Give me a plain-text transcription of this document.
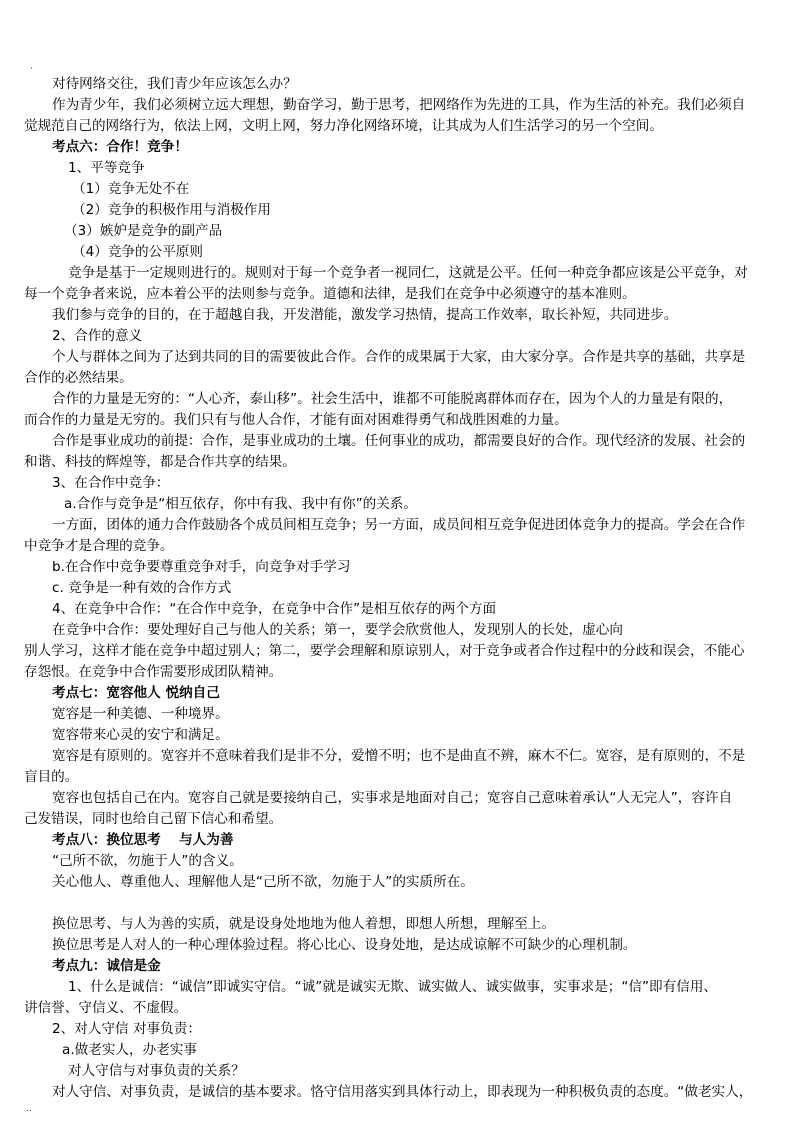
·
对待网络交往，我们青少年应该怎么办？
作为青少年，我们必须树立远大理想，勤奋学习，勤于思考，把网络作为先进的工具，作为生活的补充。我们必须自
觉规范自己的网络行为，依法上网，文明上网，努力净化网络环境，让其成为人们生活学习的另一个空间。
考点六：合作！竞争！
1、平等竞争
（1）竞争无处不在
（2）竞争的积极作用与消极作用
（3）嫉妒是竞争的副产品
（4）竞争的公平原则
竞争是基于一定规则进行的。规则对于每一个竞争者一视同仁，这就是公平。任何一种竞争都应该是公平竞争，对
每一个竞争者来说，应本着公平的法则参与竞争。道德和法律，是我们在竞争中必须遵守的基本准则。
我们参与竞争的目的，在于超越自我，开发潜能，激发学习热情，提高工作效率，取长补短，共同进步。
2、合作的意义
个人与群体之间为了达到共同的目的需要彼此合作。合作的成果属于大家，由大家分享。合作是共享的基础，共享是
合作的必然结果。
合作的力量是无穷的：“人心齐，泰山移”。社会生活中，谁都不可能脱离群体而存在，因为个人的力量是有限的，
而合作的力量是无穷的。我们只有与他人合作，才能有面对困难得勇气和战胜困难的力量。
合作是事业成功的前提：合作，是事业成功的土壤。任何事业的成功，都需要良好的合作。现代经济的发展、社会的
和谐、科技的辉煌等，都是合作共享的结果。
3、在合作中竞争：
a.合作与竞争是“相互依存，你中有我、我中有你”的关系。
一方面，团体的通力合作鼓励各个成员间相互竞争；另一方面，成员间相互竞争促进团体竞争力的提高。学会在合作
中竞争才是合理的竞争。
b.在合作中竞争要尊重竞争对手，向竞争对手学习
c. 竞争是一种有效的合作方式
4、在竞争中合作：“在合作中竞争，在竞争中合作”是相互依存的两个方面
在竞争中合作：要处理好自己与他人的关系；第一，要学会欣赏他人，发现别人的长处，虚心向
别人学习，这样才能在竞争中超过别人；第二，要学会理解和原谅别人，对于竞争或者合作过程中的分歧和误会，不能心
存怨恨。在竞争中合作需要形成团队精神。
考点七：宽容他人 悦纳自己
宽容是一种美德、一种境界。
宽容带来心灵的安宁和满足。
宽容是有原则的。宽容并不意味着我们是非不分，爱憎不明；也不是曲直不辨，麻木不仁。宽容，是有原则的，不是
盲目的。
宽容也包括自己在内。宽容自己就是要接纳自己，实事求是地面对自己；宽容自己意味着承认“人无完人”，容许自
己发错误，同时也给自己留下信心和希望。
考点八：换位思考　 与人为善
“己所不欲，勿施于人”的含义。
关心他人、尊重他人、理解他人是“己所不欲，勿施于人”的实质所在。
换位思考、与人为善的实质，就是设身处地地为他人着想，即想人所想，理解至上。
换位思考是人对人的一种心理体验过程。将心比心、设身处地，是达成谅解不可缺少的心理机制。
考点九：诚信是金
1、什么是诚信：“诚信”即诚实守信。“诚”就是诚实无欺、诚实做人、诚实做事，实事求是；“信”即有信用、
讲信誉、守信义、不虚假。
2、对人守信 对事负责：
a.做老实人，办老实事
对人守信与对事负责的关系？
对人守信、对事负责，是诚信的基本要求。恪守信用落实到具体行动上，即表现为一种积极负责的态度。“做老实人，
..
